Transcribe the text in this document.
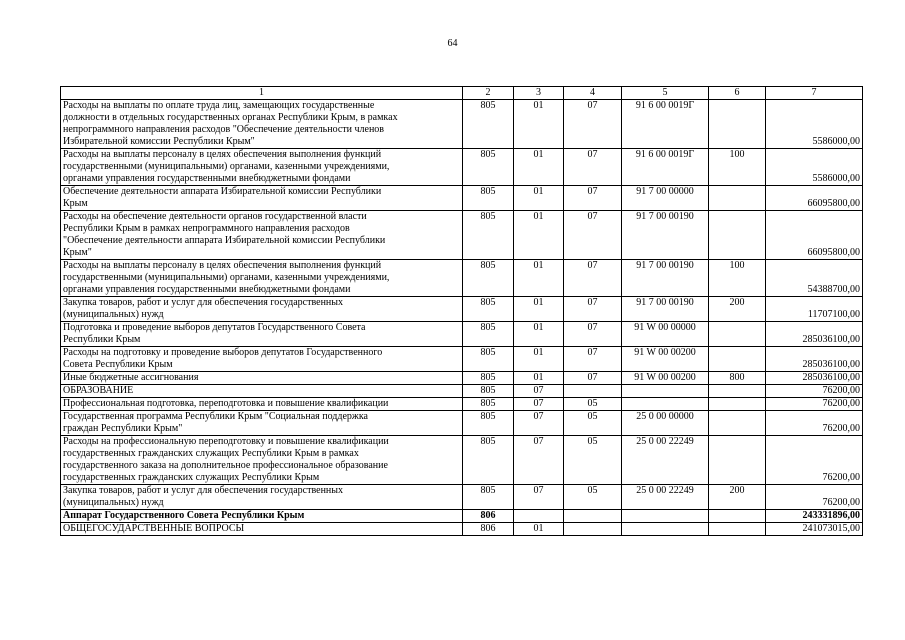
64
1	2	3	4	5	6	7

Расходы на выплаты по оплате труда лиц, замещающих государственные
должности в отдельных государственных органах Республики Крым, в рамках
непрограммного направления расходов "Обеспечение деятельности членов
Избирательной комиссии Республики Крым"	805	01	07	91 6 00 0019Г		5586000,00

Расходы на выплаты персоналу в целях обеспечения выполнения функций
государственными (муниципальными) органами, казенными учреждениями,
органами управления государственными внебюджетными фондами	805	01	07	91 6 00 0019Г	100	5586000,00

Обеспечение деятельности аппарата Избирательной комиссии Республики
Крым	805	01	07	91 7 00 00000		66095800,00

Расходы на обеспечение деятельности органов государственной власти
Республики Крым в рамках непрограммного направления расходов
"Обеспечение деятельности аппарата Избирательной комиссии Республики
Крым"	805	01	07	91 7 00 00190		66095800,00

Расходы на выплаты персоналу в целях обеспечения выполнения функций
государственными (муниципальными) органами, казенными учреждениями,
органами управления государственными внебюджетными фондами	805	01	07	91 7 00 00190	100	54388700,00

Закупка товаров, работ и услуг для обеспечения государственных
(муниципальных) нужд	805	01	07	91 7 00 00190	200	11707100,00

Подготовка и проведение выборов депутатов Государственного Совета
Республики Крым	805	01	07	91 W 00 00000		285036100,00

Расходы на подготовку и проведение выборов депутатов Государственного
Совета Республики Крым	805	01	07	91 W 00 00200		285036100,00

Иные бюджетные ассигнования	805	01	07	91 W 00 00200	800	285036100,00

ОБРАЗОВАНИЕ	805	07				76200,00

Профессиональная подготовка, переподготовка и повышение квалификации	805	07	05			76200,00

Государственная программа Республики Крым "Социальная поддержка
граждан Республики Крым"	805	07	05	25 0 00 00000		76200,00

Расходы на профессиональную переподготовку и повышение квалификации
государственных гражданских служащих Республики Крым в рамках
государственного заказа на дополнительное профессиональное образование
государственных гражданских служащих Республики Крым	805	07	05	25 0 00 22249		76200,00

Закупка товаров, работ и услуг для обеспечения государственных
(муниципальных) нужд	805	07	05	25 0 00 22249	200	76200,00

Аппарат Государственного Совета Республики Крым	806					243331896,00

ОБЩЕГОСУДАРСТВЕННЫЕ ВОПРОСЫ	806	01				241073015,00
